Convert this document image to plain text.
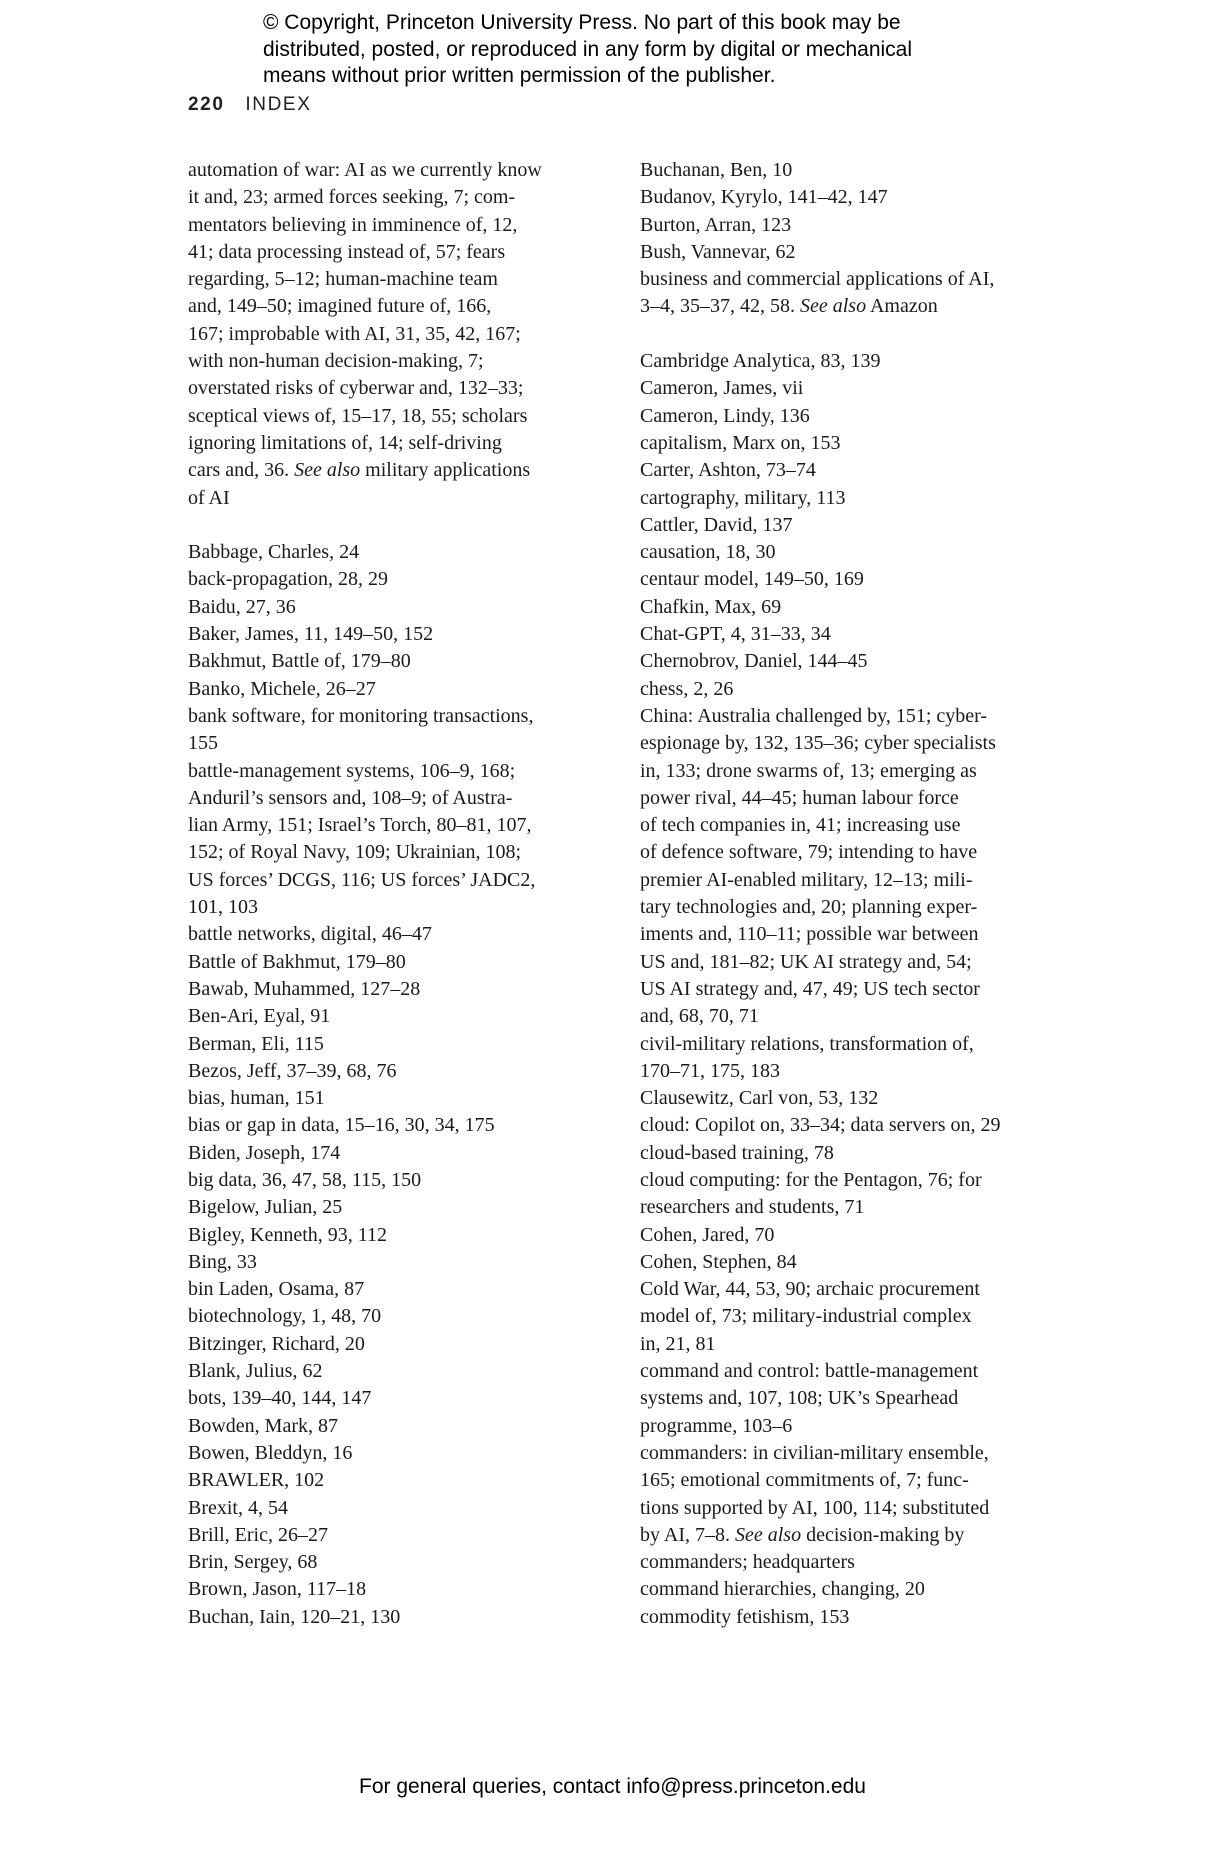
© Copyright, Princeton University Press. No part of this book may be
distributed, posted, or reproduced in any form by digital or mechanical
means without prior written permission of the publisher.
220 INDEX
automation of war: AI as we currently know
it and, 23; armed forces seeking, 7; com-
mentators believing in imminence of, 12,
41; data processing instead of, 57; fears
regarding, 5–12; human-machine team
and, 149–50; imagined future of, 166,
167; improbable with AI, 31, 35, 42, 167;
with non-human decision-making, 7;
overstated risks of cyberwar and, 132–33;
sceptical views of, 15–17, 18, 55; scholars
ignoring limitations of, 14; self-driving
cars and, 36. See also military applications
of AI
Babbage, Charles, 24
back-propagation, 28, 29
Baidu, 27, 36
Baker, James, 11, 149–50, 152
Bakhmut, Battle of, 179–80
Banko, Michele, 26–27
bank software, for monitoring transactions,
155
battle-management systems, 106–9, 168;
Anduril’s sensors and, 108–9; of Austra-
lian Army, 151; Israel’s Torch, 80–81, 107,
152; of Royal Navy, 109; Ukrainian, 108;
US forces’ DCGS, 116; US forces’ JADC2,
101, 103
battle networks, digital, 46–47
Battle of Bakhmut, 179–80
Bawab, Muhammed, 127–28
Ben-Ari, Eyal, 91
Berman, Eli, 115
Bezos, Jeff, 37–39, 68, 76
bias, human, 151
bias or gap in data, 15–16, 30, 34, 175
Biden, Joseph, 174
big data, 36, 47, 58, 115, 150
Bigelow, Julian, 25
Bigley, Kenneth, 93, 112
Bing, 33
bin Laden, Osama, 87
biotechnology, 1, 48, 70
Bitzinger, Richard, 20
Blank, Julius, 62
bots, 139–40, 144, 147
Bowden, Mark, 87
Bowen, Bleddyn, 16
BRAWLER, 102
Brexit, 4, 54
Brill, Eric, 26–27
Brin, Sergey, 68
Brown, Jason, 117–18
Buchan, Iain, 120–21, 130
Buchanan, Ben, 10
Budanov, Kyrylo, 141–42, 147
Burton, Arran, 123
Bush, Vannevar, 62
business and commercial applications of AI,
3–4, 35–37, 42, 58. See also Amazon
Cambridge Analytica, 83, 139
Cameron, James, vii
Cameron, Lindy, 136
capitalism, Marx on, 153
Carter, Ashton, 73–74
cartography, military, 113
Cattler, David, 137
causation, 18, 30
centaur model, 149–50, 169
Chafkin, Max, 69
Chat-GPT, 4, 31–33, 34
Chernobrov, Daniel, 144–45
chess, 2, 26
China: Australia challenged by, 151; cyber-
espionage by, 132, 135–36; cyber specialists
in, 133; drone swarms of, 13; emerging as
power rival, 44–45; human labour force
of tech companies in, 41; increasing use
of defence software, 79; intending to have
premier AI-enabled military, 12–13; mili-
tary technologies and, 20; planning exper-
iments and, 110–11; possible war between
US and, 181–82; UK AI strategy and, 54;
US AI strategy and, 47, 49; US tech sector
and, 68, 70, 71
civil-military relations, transformation of,
170–71, 175, 183
Clausewitz, Carl von, 53, 132
cloud: Copilot on, 33–34; data servers on, 29
cloud-based training, 78
cloud computing: for the Pentagon, 76; for
researchers and students, 71
Cohen, Jared, 70
Cohen, Stephen, 84
Cold War, 44, 53, 90; archaic procurement
model of, 73; military-industrial complex
in, 21, 81
command and control: battle-management
systems and, 107, 108; UK’s Spearhead
programme, 103–6
commanders: in civilian-military ensemble,
165; emotional commitments of, 7; func-
tions supported by AI, 100, 114; substituted
by AI, 7–8. See also decision-making by
commanders; headquarters
command hierarchies, changing, 20
commodity fetishism, 153
For general queries, contact info@press.princeton.edu
